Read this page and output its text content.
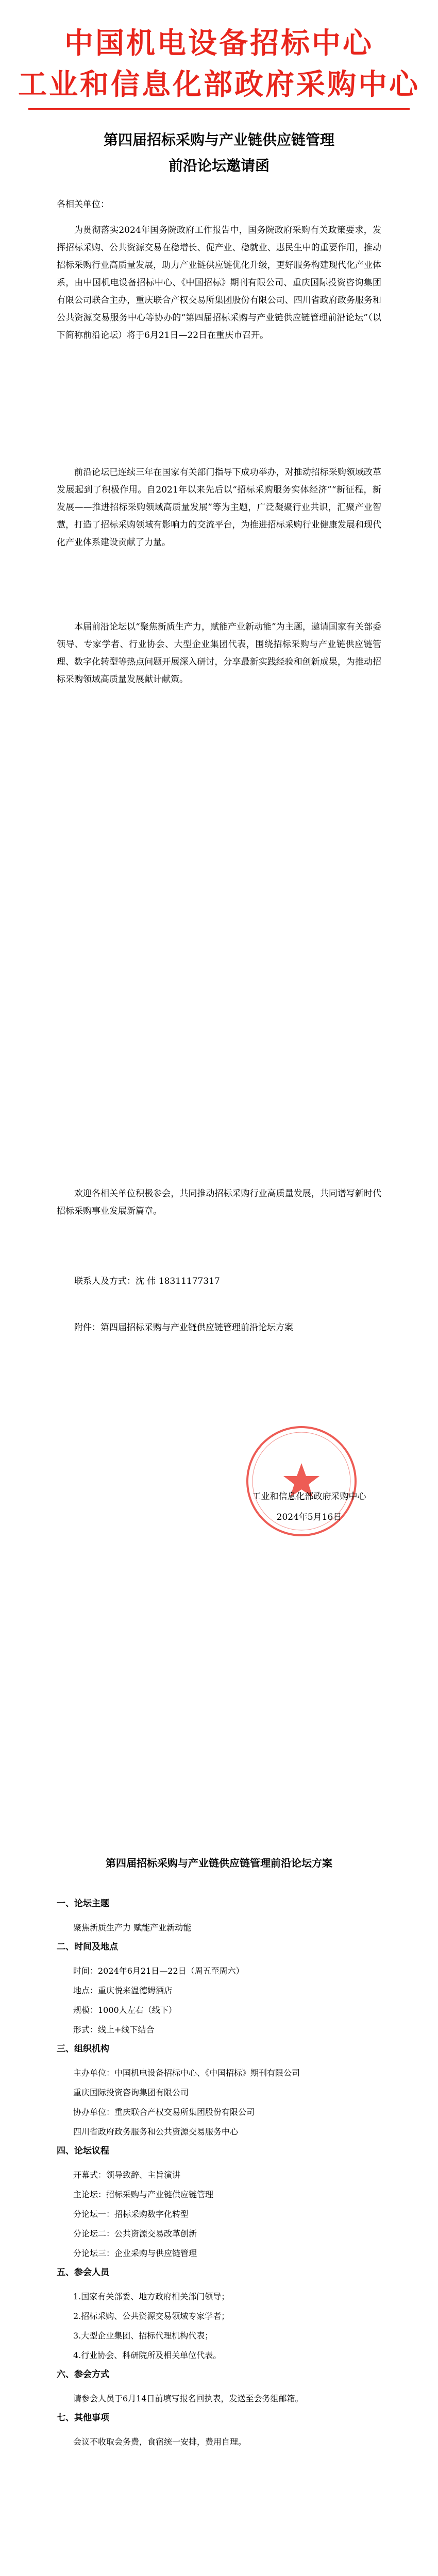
中国机电设备招标中心
工业和信息化部政府采购中心
第四届招标采购与产业链供应链管理
前沿论坛邀请函
各相关单位：
为贯彻落实2024年国务院政府工作报告中，国务院政府采购有关政策要求，发挥招标采购、公共资源交易在稳增长、促产业、稳就业、惠民生中的重要作用，推动招标采购行业高质量发展，助力产业链供应链优化升级，更好服务构建现代化产业体系，由中国机电设备招标中心、《中国招标》期刊有限公司、重庆国际投资咨询集团有限公司联合主办，重庆联合产权交易所集团股份有限公司、四川省政府政务服务和公共资源交易服务中心等协办的“第四届招标采购与产业链供应链管理前沿论坛”（以下简称前沿论坛）将于6月21日—22日在重庆市召开。
前沿论坛已连续三年在国家有关部门指导下成功举办，对推动招标采购领域改革发展起到了积极作用。自2021年以来先后以“招标采购服务实体经济”“新征程，新发展——推进招标采购领域高质量发展”等为主题，广泛凝聚行业共识，汇聚产业智慧，打造了招标采购领域有影响力的交流平台，为推进招标采购行业健康发展和现代化产业体系建设贡献了力量。
本届前沿论坛以“聚焦新质生产力，赋能产业新动能”为主题，邀请国家有关部委领导、专家学者、行业协会、大型企业集团代表，围绕招标采购与产业链供应链管理、数字化转型等热点问题开展深入研讨，分享最新实践经验和创新成果，为推动招标采购领域高质量发展献计献策。
欢迎各相关单位积极参会，共同推动招标采购行业高质量发展，共同谱写新时代招标采购事业发展新篇章。
联系人及方式：沈 伟 18311177317
附件：第四届招标采购与产业链供应链管理前沿论坛方案
工业和信息化部政府采购中心
2024年5月16日
第四届招标采购与产业链供应链管理前沿论坛方案
一、论坛主题
聚焦新质生产力 赋能产业新动能
二、时间及地点
时间：2024年6月21日—22日（周五至周六）
地点：重庆悦来温德姆酒店
规模：1000人左右（线下）
形式：线上+线下结合
三、组织机构
主办单位：中国机电设备招标中心、《中国招标》期刊有限公司
重庆国际投资咨询集团有限公司
协办单位：重庆联合产权交易所集团股份有限公司
四川省政府政务服务和公共资源交易服务中心
四、论坛议程
开幕式：领导致辞、主旨演讲
主论坛：招标采购与产业链供应链管理
分论坛一：招标采购数字化转型
分论坛二：公共资源交易改革创新
分论坛三：企业采购与供应链管理
五、参会人员
1.国家有关部委、地方政府相关部门领导；
2.招标采购、公共资源交易领域专家学者；
3.大型企业集团、招标代理机构代表；
4.行业协会、科研院所及相关单位代表。
六、参会方式
请参会人员于6月14日前填写报名回执表，发送至会务组邮箱。
七、其他事项
会议不收取会务费，食宿统一安排，费用自理。
